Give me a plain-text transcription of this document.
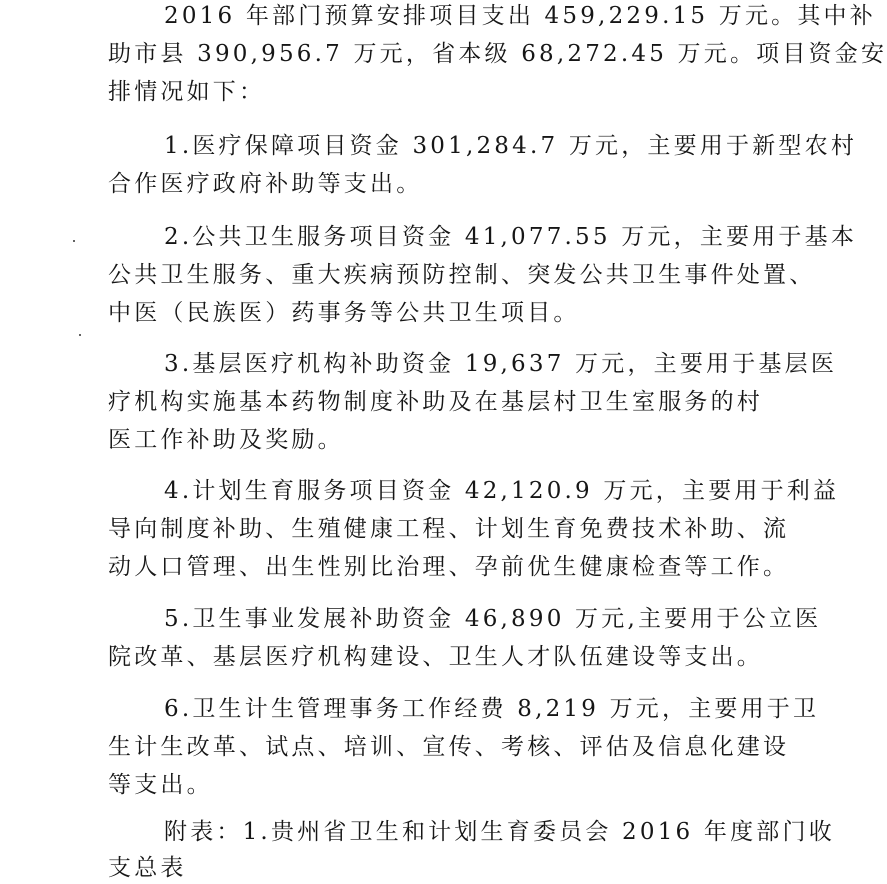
2016 年部门预算安排项目支出 459,229.15 万元。其中补
助市县 390,956.7 万元，省本级 68,272.45 万元。项目资金安
排情况如下：
1.医疗保障项目资金 301,284.7 万元，主要用于新型农村
合作医疗政府补助等支出。
2.公共卫生服务项目资金 41,077.55 万元，主要用于基本
公共卫生服务、重大疾病预防控制、突发公共卫生事件处置、
中医（民族医）药事务等公共卫生项目。
3.基层医疗机构补助资金 19,637 万元，主要用于基层医
疗机构实施基本药物制度补助及在基层村卫生室服务的村
医工作补助及奖励。
4.计划生育服务项目资金 42,120.9 万元，主要用于利益
导向制度补助、生殖健康工程、计划生育免费技术补助、流
动人口管理、出生性别比治理、孕前优生健康检查等工作。
5.卫生事业发展补助资金 46,890 万元,主要用于公立医
院改革、基层医疗机构建设、卫生人才队伍建设等支出。
6.卫生计生管理事务工作经费 8,219 万元，主要用于卫
生计生改革、试点、培训、宣传、考核、评估及信息化建设
等支出。
附表：1.贵州省卫生和计划生育委员会 2016 年度部门收
支总表
